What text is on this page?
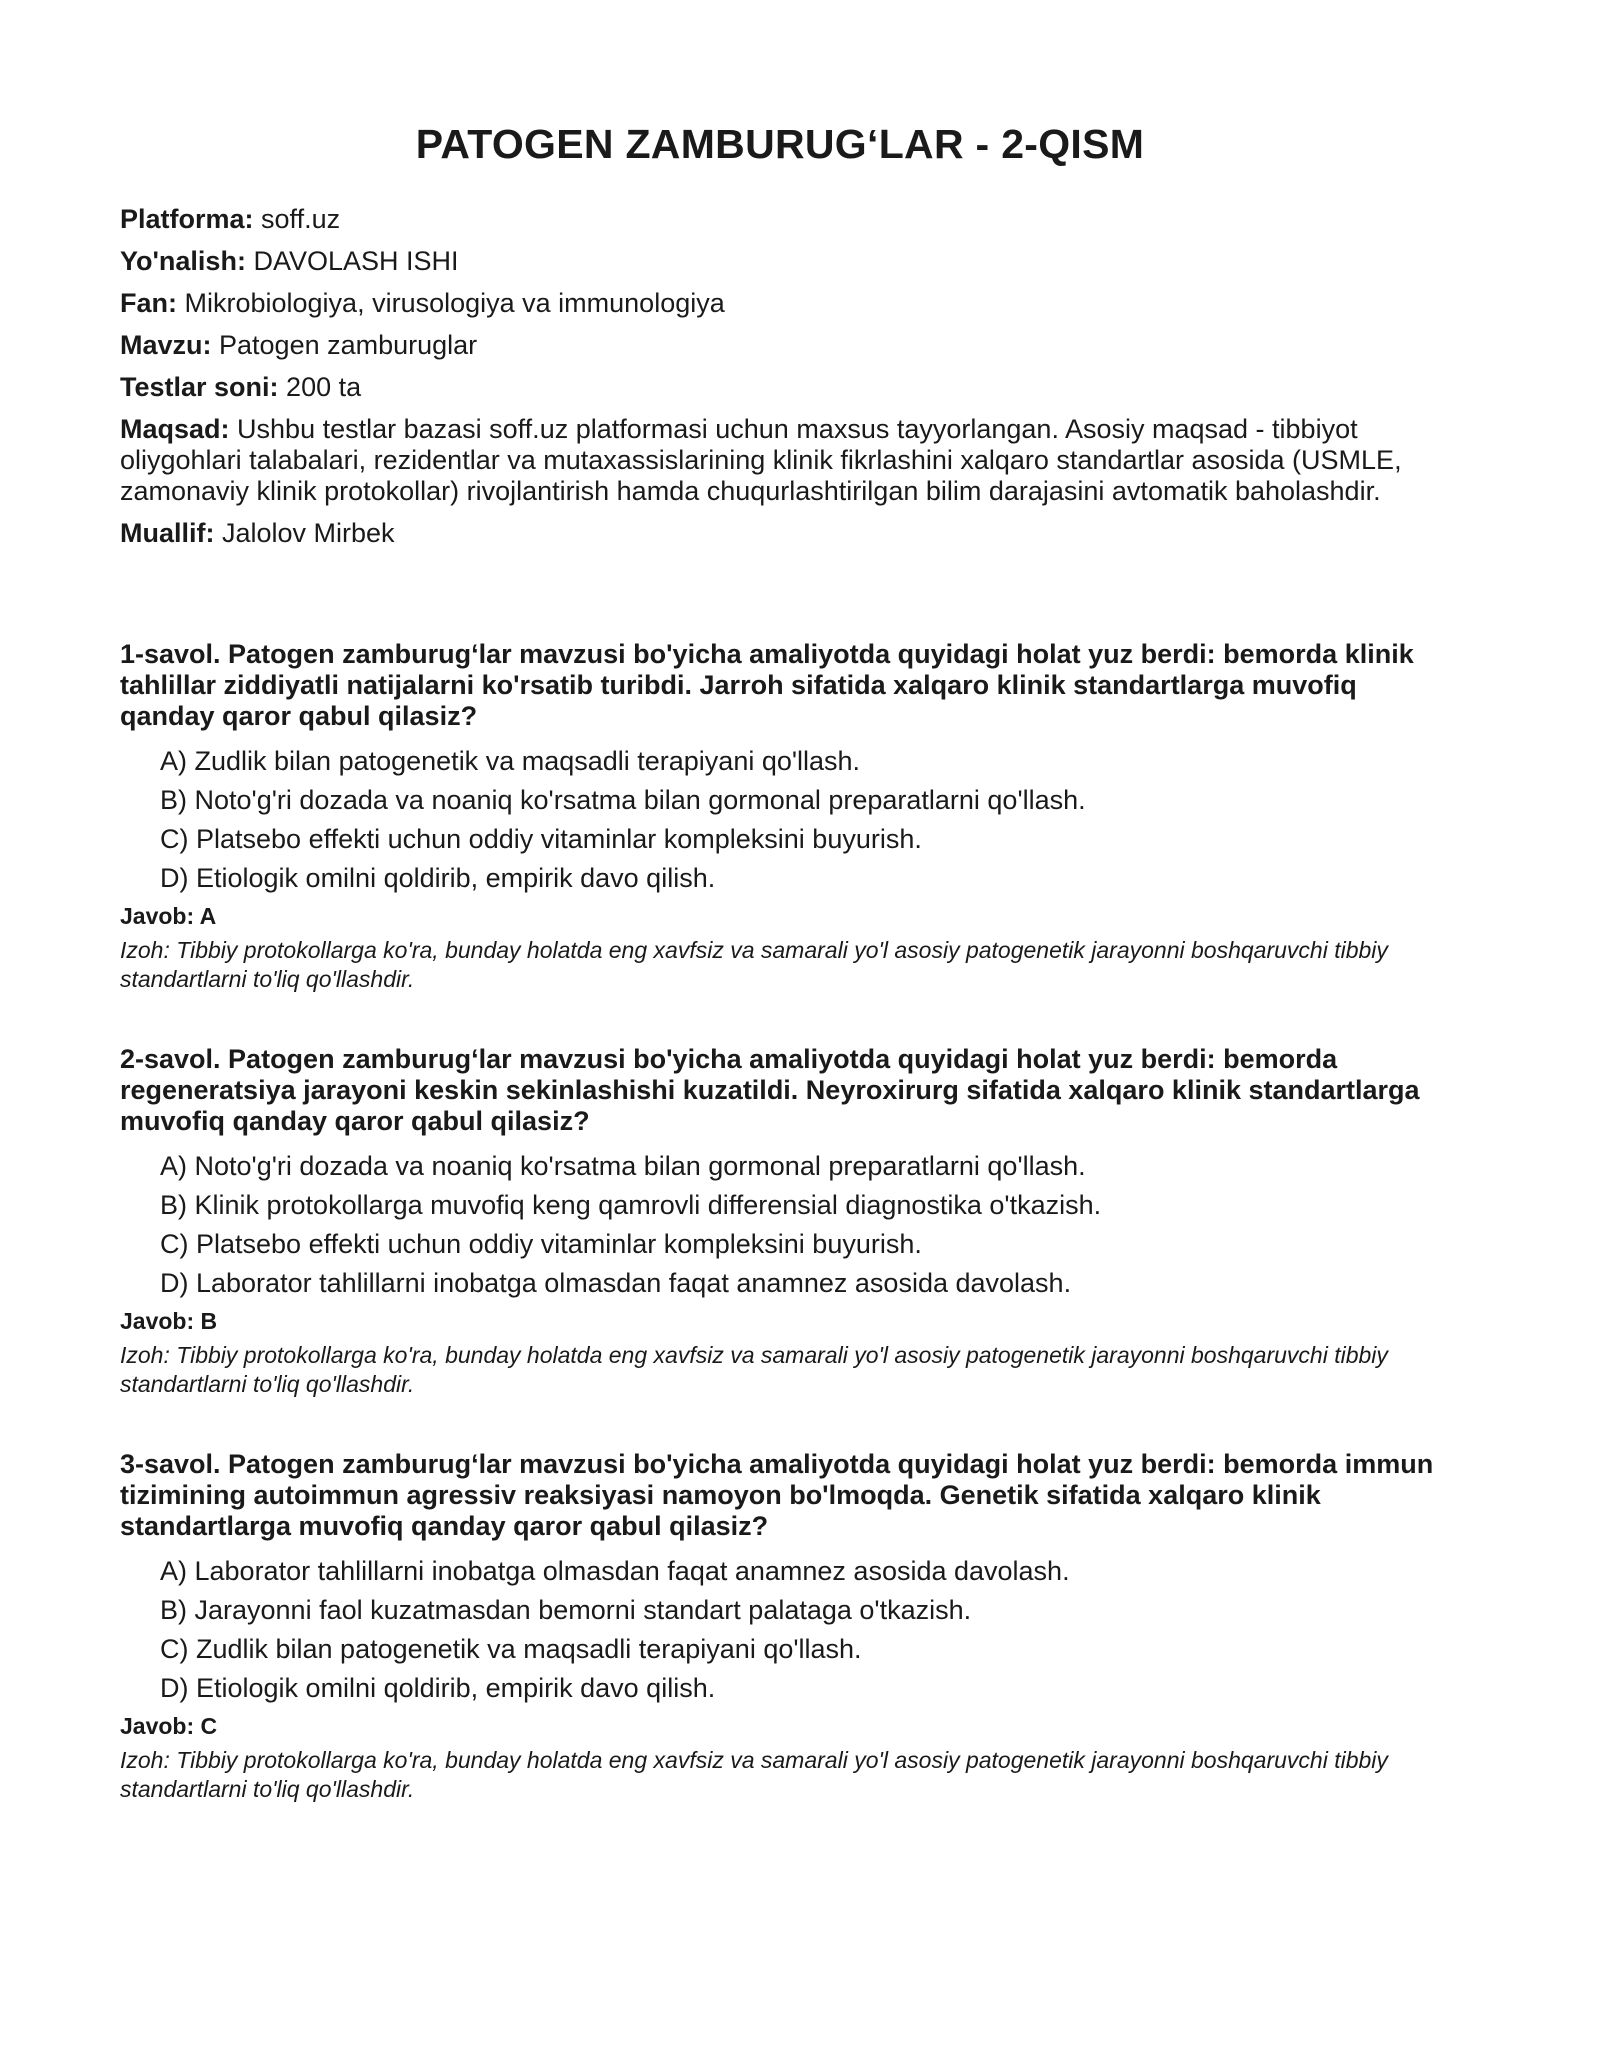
PATOGEN ZAMBURUG‘LAR - 2-QISM

Platforma: soff.uz

Yo'nalish: DAVOLASH ISHI

Fan: Mikrobiologiya, virusologiya va immunologiya

Mavzu: Patogen zamburuglar

Testlar soni: 200 ta

Maqsad: Ushbu testlar bazasi soff.uz platformasi uchun maxsus tayyorlangan. Asosiy maqsad - tibbiyot oliygohlari talabalari, rezidentlar va mutaxassislarining klinik fikrlashini xalqaro standartlar asosida (USMLE, zamonaviy klinik protokollar) rivojlantirish hamda chuqurlashtirilgan bilim darajasini avtomatik baholashdir.

Muallif: Jalolov Mirbek

1-savol. Patogen zamburug‘lar mavzusi bo'yicha amaliyotda quyidagi holat yuz berdi: bemorda klinik tahlillar ziddiyatli natijalarni ko'rsatib turibdi. Jarroh sifatida xalqaro klinik standartlarga muvofiq qanday qaror qabul qilasiz?

A) Zudlik bilan patogenetik va maqsadli terapiyani qo'llash.
B) Noto'g'ri dozada va noaniq ko'rsatma bilan gormonal preparatlarni qo'llash.
C) Platsebo effekti uchun oddiy vitaminlar kompleksini buyurish.
D) Etiologik omilni qoldirib, empirik davo qilish.

Javob: A

Izoh: Tibbiy protokollarga ko'ra, bunday holatda eng xavfsiz va samarali yo'l asosiy patogenetik jarayonni boshqaruvchi tibbiy standartlarni to'liq qo'llashdir.

2-savol. Patogen zamburug‘lar mavzusi bo'yicha amaliyotda quyidagi holat yuz berdi: bemorda regeneratsiya jarayoni keskin sekinlashishi kuzatildi. Neyroxirurg sifatida xalqaro klinik standartlarga muvofiq qanday qaror qabul qilasiz?

A) Noto'g'ri dozada va noaniq ko'rsatma bilan gormonal preparatlarni qo'llash.
B) Klinik protokollarga muvofiq keng qamrovli differensial diagnostika o'tkazish.
C) Platsebo effekti uchun oddiy vitaminlar kompleksini buyurish.
D) Laborator tahlillarni inobatga olmasdan faqat anamnez asosida davolash.

Javob: B

Izoh: Tibbiy protokollarga ko'ra, bunday holatda eng xavfsiz va samarali yo'l asosiy patogenetik jarayonni boshqaruvchi tibbiy standartlarni to'liq qo'llashdir.

3-savol. Patogen zamburug‘lar mavzusi bo'yicha amaliyotda quyidagi holat yuz berdi: bemorda immun tizimining autoimmun agressiv reaksiyasi namoyon bo'lmoqda. Genetik sifatida xalqaro klinik standartlarga muvofiq qanday qaror qabul qilasiz?

A) Laborator tahlillarni inobatga olmasdan faqat anamnez asosida davolash.
B) Jarayonni faol kuzatmasdan bemorni standart palataga o'tkazish.
C) Zudlik bilan patogenetik va maqsadli terapiyani qo'llash.
D) Etiologik omilni qoldirib, empirik davo qilish.

Javob: C

Izoh: Tibbiy protokollarga ko'ra, bunday holatda eng xavfsiz va samarali yo'l asosiy patogenetik jarayonni boshqaruvchi tibbiy standartlarni to'liq qo'llashdir.
